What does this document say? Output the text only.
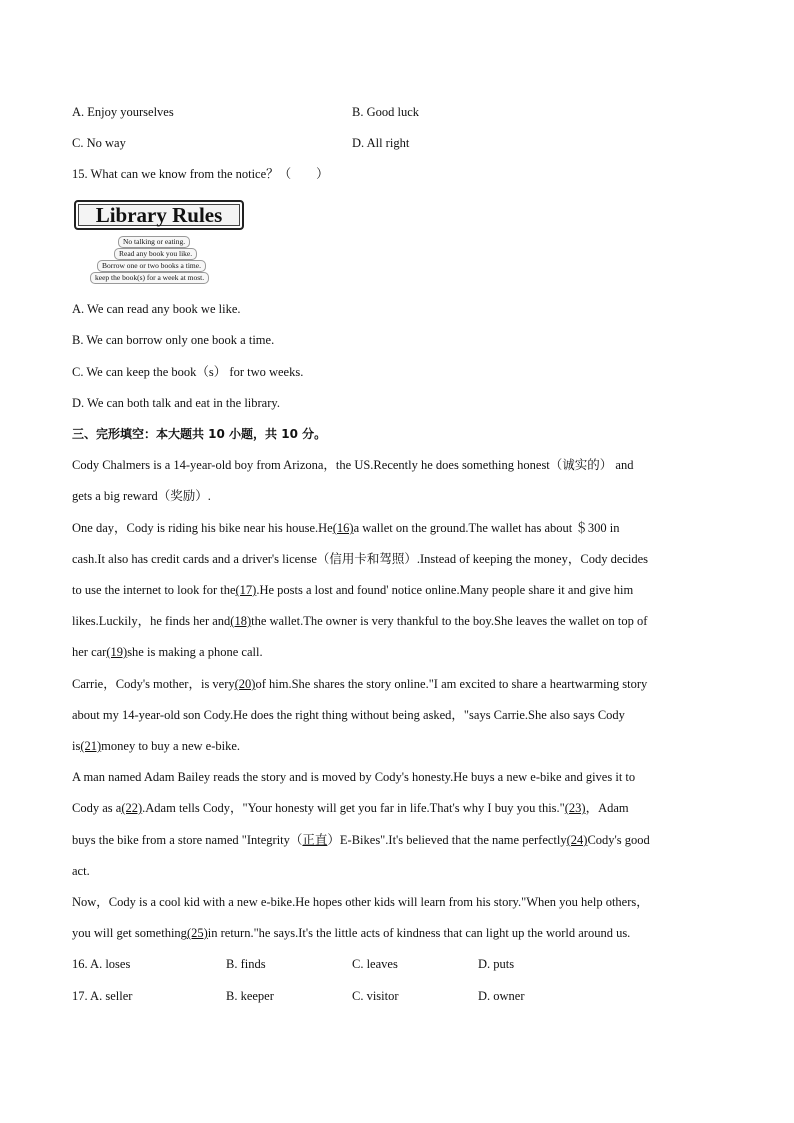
A. Enjoy yourselves	B. Good luck
C. No way	D. All right
15. What can we know from the notice？（　　）
Library Rules
No talking or eating.
Read any book you like.
Borrow one or two books a time.
keep the book(s) for a week at most.
A. We can read any book we like.
B. We can borrow only one book a time.
C. We can keep the book（s） for two weeks.
D. We can both talk and eat in the library.
三、完形填空：本大题共 10 小题，共 10 分。
Cody Chalmers is a 14-year-old boy from Arizona，the US.Recently he does something honest（诚实的） and
gets a big reward（奖励）.
One day，Cody is riding his bike near his house.He(16)a wallet on the ground.The wallet has about ＄300 in
cash.It also has credit cards and a driver's license（信用卡和驾照）.Instead of keeping the money，Cody decides
to use the internet to look for the(17).He posts a lost and found' notice online.Many people share it and give him
likes.Luckily，he finds her and(18)the wallet.The owner is very thankful to the boy.She leaves the wallet on top of
her car(19)she is making a phone call.
Carrie，Cody's mother，is very(20)of him.She shares the story online."I am excited to share a heartwarming story
about my 14-year-old son Cody.He does the right thing without being asked，"says Carrie.She also says Cody
is(21)money to buy a new e-bike.
A man named Adam Bailey reads the story and is moved by Cody's honesty.He buys a new e-bike and gives it to
Cody as a(22).Adam tells Cody，"Your honesty will get you far in life.That's why I buy you this."(23)，Adam
buys the bike from a store named "Integrity（正直）E-Bikes".It's believed that the name perfectly(24)Cody's good
act.
Now，Cody is a cool kid with a new e-bike.He hopes other kids will learn from his story."When you help others，
you will get something(25)in return."he says.It's the little acts of kindness that can light up the world around us.
16. A. loses	B. finds	C. leaves	D. puts
17. A. seller	B. keeper	C. visitor	D. owner
